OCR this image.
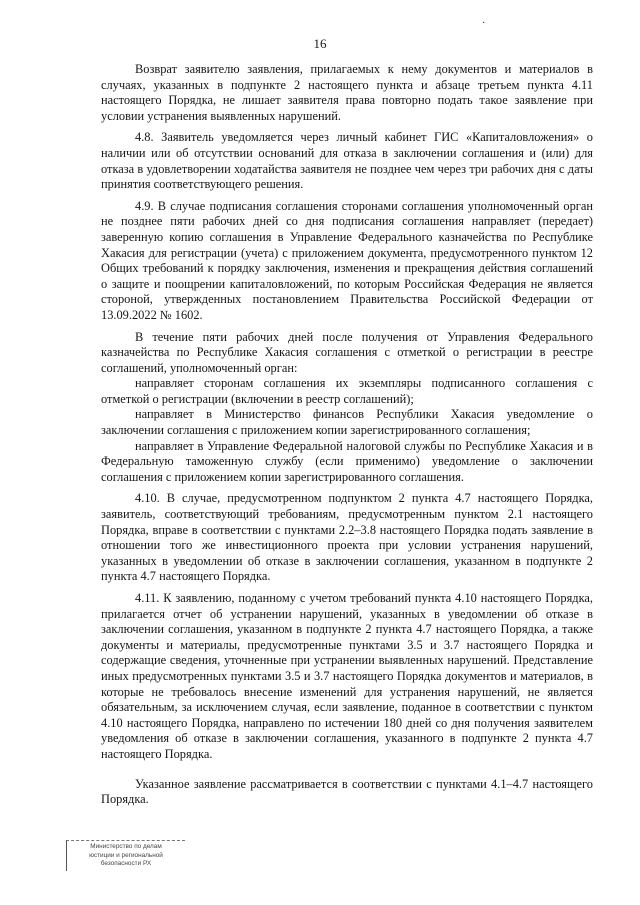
·
16

Возврат заявителю заявления, прилагаемых к нему документов и материалов в случаях, указанных в подпункте 2 настоящего пункта и абзаце третьем пункта 4.11 настоящего Порядка, не лишает заявителя права повторно подать такое заявление при условии устранения выявленных нарушений.

4.8. Заявитель уведомляется через личный кабинет ГИС «Капиталовложения» о наличии или об отсутствии оснований для отказа в заключении соглашения и (или) для отказа в удовлетворении ходатайства заявителя не позднее чем через три рабочих дня с даты принятия соответствующего решения.

4.9. В случае подписания соглашения сторонами соглашения уполномоченный орган не позднее пяти рабочих дней со дня подписания соглашения направляет (передает) заверенную копию соглашения в Управление Федерального казначейства по Республике Хакасия для регистрации (учета) с приложением документа, предусмотренного пунктом 12 Общих требований к порядку заключения, изменения и прекращения действия соглашений о защите и поощрении капиталовложений, по которым Российская Федерация не является стороной, утвержденных постановлением Правительства Российской Федерации от 13.09.2022 № 1602.

В течение пяти рабочих дней после получения от Управления Федерального казначейства по Республике Хакасия соглашения с отметкой о регистрации в реестре соглашений, уполномоченный орган:

направляет сторонам соглашения их экземпляры подписанного соглашения с отметкой о регистрации (включении в реестр соглашений);

направляет в Министерство финансов Республики Хакасия уведомление о заключении соглашения с приложением копии зарегистрированного соглашения;

направляет в Управление Федеральной налоговой службы по Республике Хакасия и в Федеральную таможенную службу (если применимо) уведомление о заключении соглашения с приложением копии зарегистрированного соглашения.

4.10. В случае, предусмотренном подпунктом 2 пункта 4.7 настоящего Порядка, заявитель, соответствующий требованиям, предусмотренным пунктом 2.1 настоящего Порядка, вправе в соответствии с пунктами 2.2–3.8 настоящего Порядка подать заявление в отношении того же инвестиционного проекта при условии устранения нарушений, указанных в уведомлении об отказе в заключении соглашения, указанном в подпункте 2 пункта 4.7 настоящего Порядка.

4.11. К заявлению, поданному с учетом требований пункта 4.10 настоящего Порядка, прилагается отчет об устранении нарушений, указанных в уведомлении об отказе в заключении соглашения, указанном в подпункте 2 пункта 4.7 настоящего Порядка, а также документы и материалы, предусмотренные пунктами 3.5 и 3.7 настоящего Порядка и содержащие сведения, уточненные при устранении выявленных нарушений. Представление иных предусмотренных пунктами 3.5 и 3.7 настоящего Порядка документов и материалов, в которые не требовалось внесение изменений для устранения нарушений, не является обязательным, за исключением случая, если заявление, поданное в соответствии с пунктом 4.10 настоящего Порядка, направлено по истечении 180 дней со дня получения заявителем уведомления об отказе в заключении соглашения, указанного в подпункте 2 пункта 4.7 настоящего Порядка.

Указанное заявление рассматривается в соответствии с пунктами 4.1–4.7 настоящего Порядка.

Министерство по делам
юстиции и региональной
безопасности РХ
